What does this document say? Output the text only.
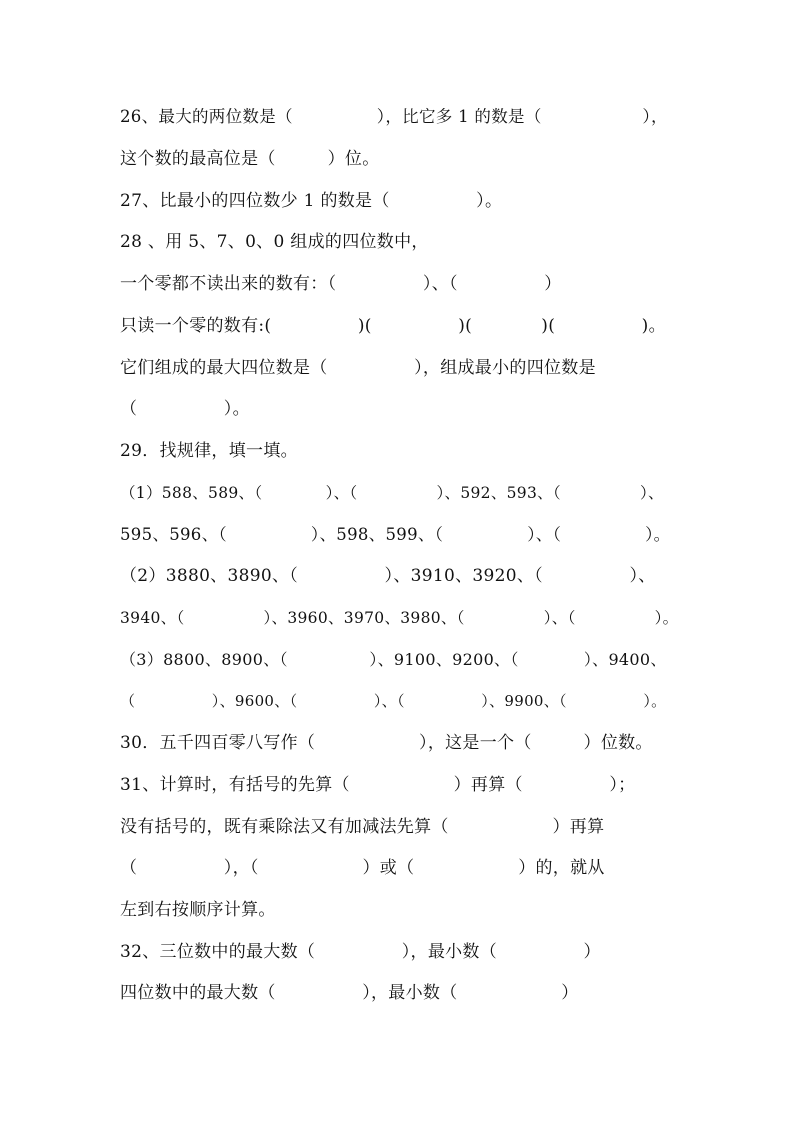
26、最大的两位数是（　　　　　），比它多 1 的数是（　　　　　　），
这个数的最高位是（　　　）位。
27、比最小的四位数少 1 的数是（　　　　　）。
28 、用 5、7、0、0 组成的四位数中，
一个零都不读出来的数有：（　　　　　）、（　　　　　）
只读一个零的数有:(　　　　　)(　　　　　)(　　　　)(　　　　　)。
它们组成的最大四位数是（　　　　　），组成最小的四位数是
（　　　　　）。
29．找规律，填一填。
（1）588、589、（　　　　）、（　　　　　）、592、593、（　　　　　）、
595、596、（　　　　　）、598、599、（　　　　　）、（　　　　　）。
（2）3880、3890、（　　　　　）、3910、3920、（　　　　　）、
3940、（　　　　　）、3960、3970、3980、（　　　　　）、（　　　　　）。
（3）8800、8900、（　　　　　）、9100、9200、（　　　　）、9400、
（　　　　　）、9600、（　　　　　）、（　　　　　）、9900、（　　　　　）。
30．五千四百零八写作（　　　　　　），这是一个（　　　）位数。
31、计算时，有括号的先算（　　　　　　）再算（　　　　　）；
没有括号的，既有乘除法又有加减法先算（　　　　　　）再算
（　　　　　），（　　　　　　）或（　　　　　　）的，就从
左到右按顺序计算。
32、三位数中的最大数（　　　　　），最小数（　　　　　）
四位数中的最大数（　　　　　），最小数（　　　　　　）
